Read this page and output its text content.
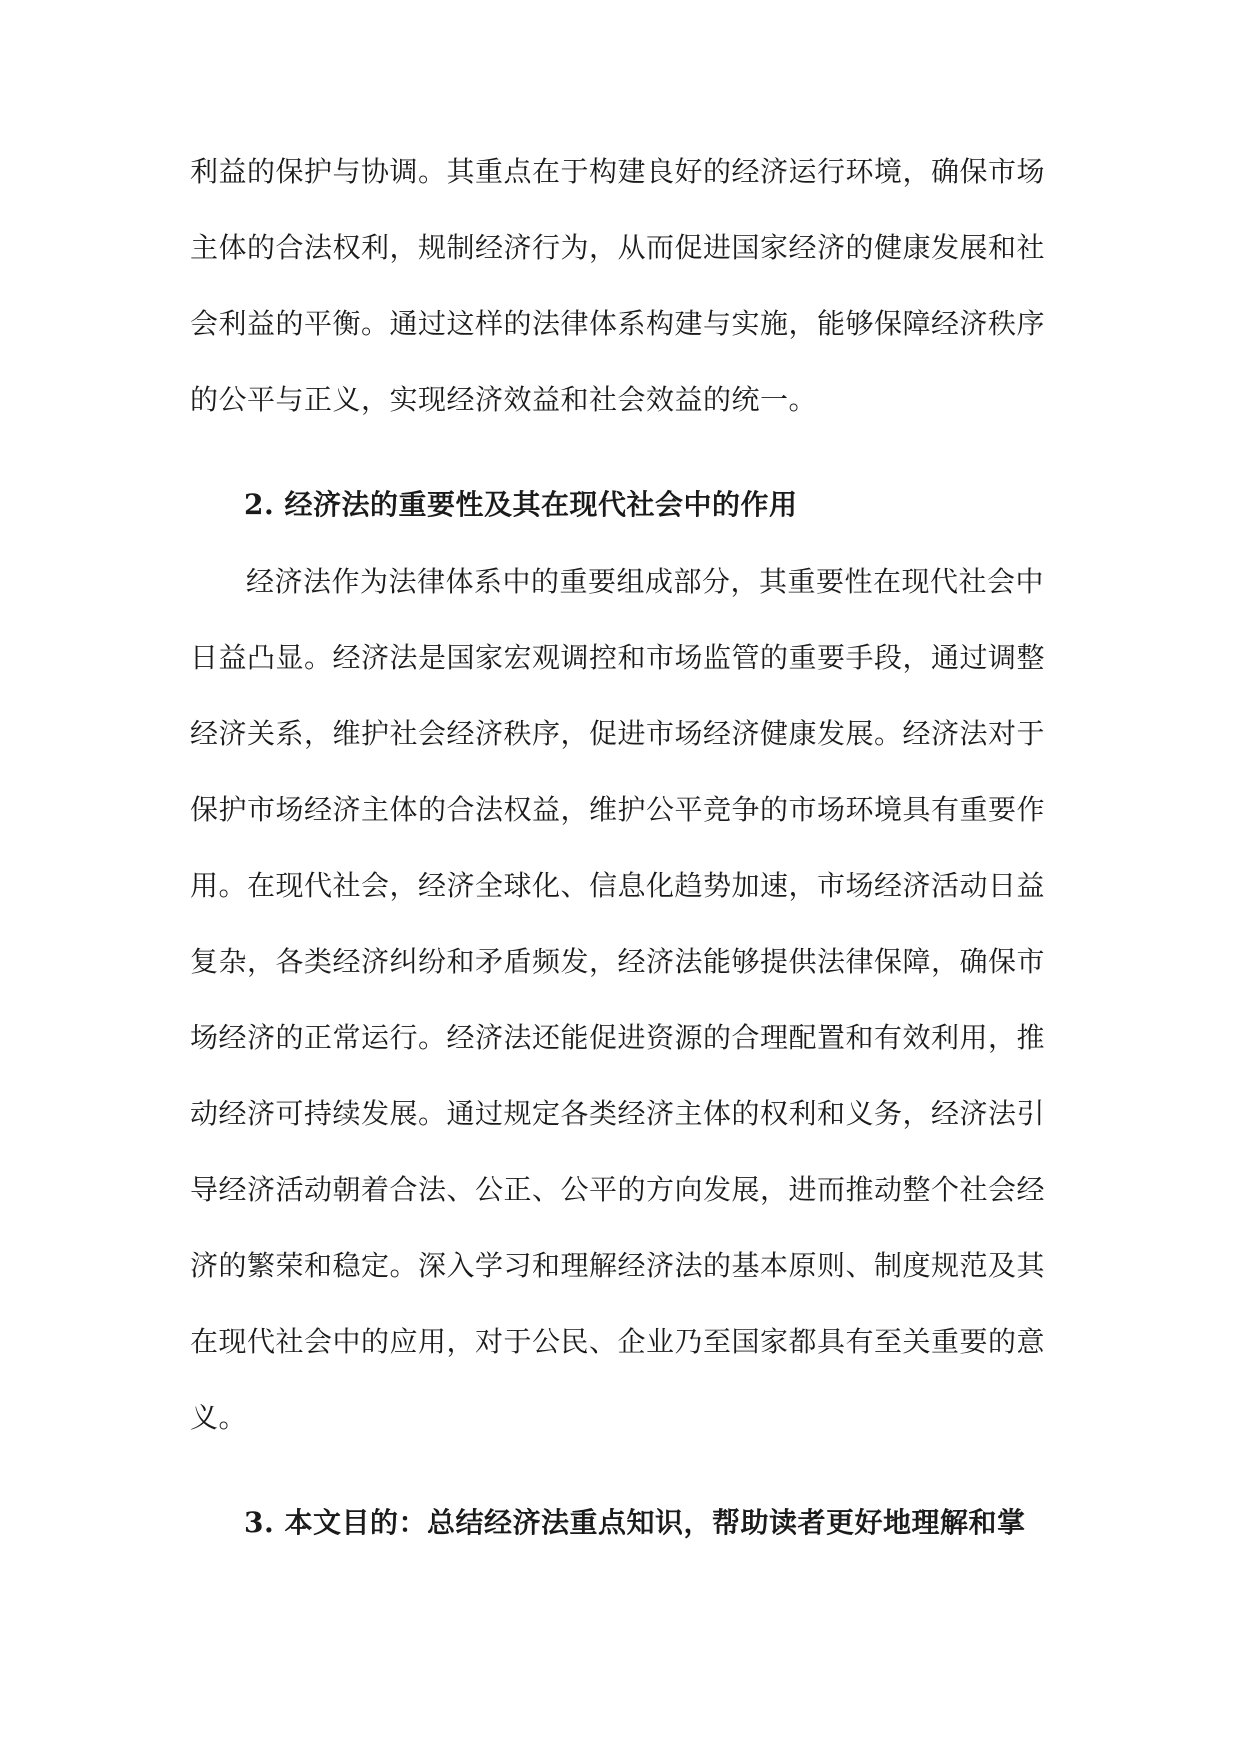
利益的保护与协调。其重点在于构建良好的经济运行环境，确保市场
主体的合法权利，规制经济行为，从而促进国家经济的健康发展和社
会利益的平衡。通过这样的法律体系构建与实施，能够保障经济秩序
的公平与正义，实现经济效益和社会效益的统一。
2. 经济法的重要性及其在现代社会中的作用
经济法作为法律体系中的重要组成部分，其重要性在现代社会中
日益凸显。经济法是国家宏观调控和市场监管的重要手段，通过调整
经济关系，维护社会经济秩序，促进市场经济健康发展。经济法对于
保护市场经济主体的合法权益，维护公平竞争的市场环境具有重要作
用。在现代社会，经济全球化、信息化趋势加速，市场经济活动日益
复杂，各类经济纠纷和矛盾频发，经济法能够提供法律保障，确保市
场经济的正常运行。经济法还能促进资源的合理配置和有效利用，推
动经济可持续发展。通过规定各类经济主体的权利和义务，经济法引
导经济活动朝着合法、公正、公平的方向发展，进而推动整个社会经
济的繁荣和稳定。深入学习和理解经济法的基本原则、制度规范及其
在现代社会中的应用，对于公民、企业乃至国家都具有至关重要的意
义。
3. 本文目的：总结经济法重点知识，帮助读者更好地理解和掌
